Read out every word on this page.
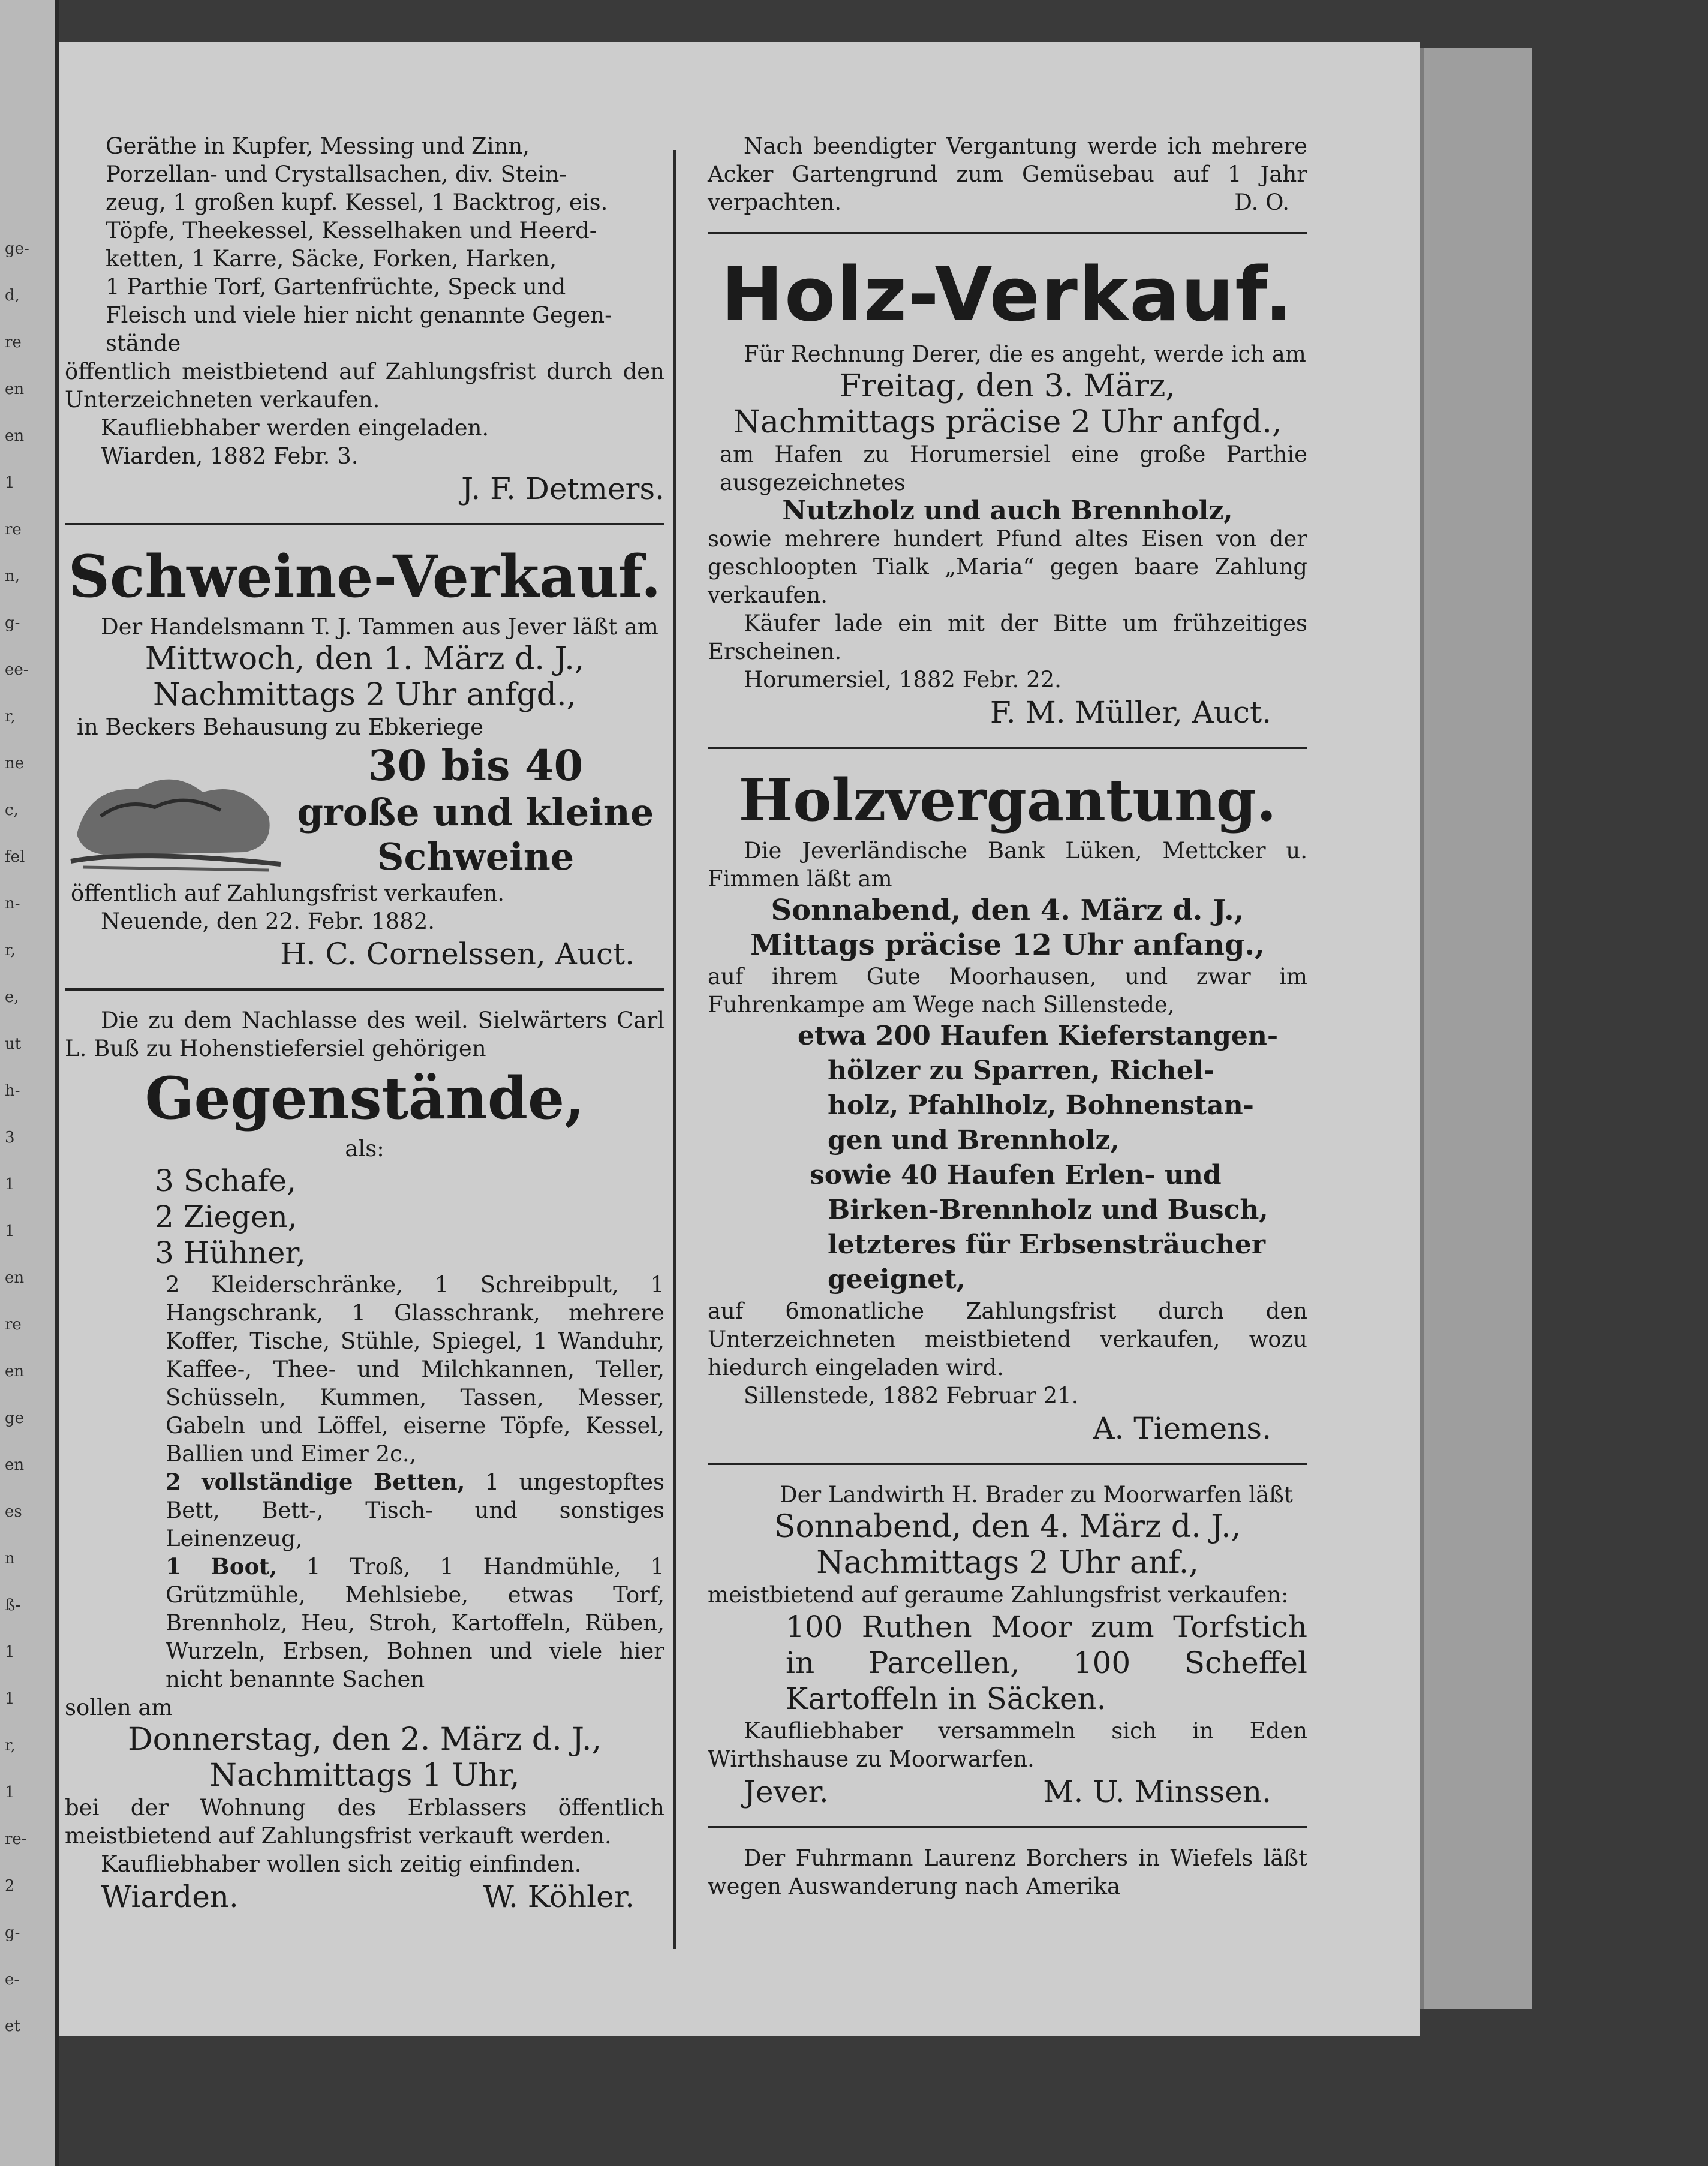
ge-
d,
re
en
en
1
re
n,
g-
ee-
r,
ne
c,
fel
n-
r,
e,
ut
h-
3
1
1
en
re
en
ge
en
es
n
ß-
1
1
r,
1
re-
2
g-
e-
et

Geräthe in Kupfer, Messing und Zinn,

Porzellan- und Crystallsachen, div. Stein-

zeug, 1 großen kupf. Kessel, 1 Backtrog, eis.

Töpfe, Theekessel, Kesselhaken und Heerd-

ketten, 1 Karre, Säcke, Forken, Harken,

1 Parthie Torf, Gartenfrüchte, Speck und

Fleisch und viele hier nicht genannte Gegen-

stände

öffentlich meistbietend auf Zahlungsfrist durch den Unterzeichneten verkaufen.

Kaufliebhaber werden eingeladen.

Wiarden, 1882 Febr. 3.

J. F. Detmers.

Schweine-Verkauf.

Der Handelsmann T. J. Tammen aus Jever läßt am

Mittwoch, den 1. März d. J.,

Nachmittags 2 Uhr anfgd.,

in Beckers Behausung zu Ebkeriege

30 bis 40

große und kleine

Schweine

öffentlich auf Zahlungsfrist verkaufen.

Neuende, den 22. Febr. 1882.

H. C. Cornelssen, Auct.

Die zu dem Nachlasse des weil. Sielwärters Carl L. Buß zu Hohenstiefersiel gehörigen

Gegenstände,

als:

3 Schafe,

2 Ziegen,

3 Hühner,

2 Kleiderschränke, 1 Schreibpult, 1 Hangschrank, 1 Glasschrank, mehrere Koffer, Tische, Stühle, Spiegel, 1 Wanduhr, Kaffee-, Thee- und Milchkannen, Teller, Schüsseln, Kummen, Tassen, Messer, Gabeln und Löffel, eiserne Töpfe, Kessel, Ballien und Eimer 2c.,

2 vollständige Betten, 1 ungestopftes Bett, Bett-, Tisch- und sonstiges Leinenzeug,

1 Boot, 1 Troß, 1 Handmühle, 1 Grützmühle, Mehlsiebe, etwas Torf, Brennholz, Heu, Stroh, Kartoffeln, Rüben, Wurzeln, Erbsen, Bohnen und viele hier nicht benannte Sachen

sollen am

Donnerstag, den 2. März d. J.,

Nachmittags 1 Uhr,

bei der Wohnung des Erblassers öffentlich meistbietend auf Zahlungsfrist verkauft werden.

Kaufliebhaber wollen sich zeitig einfinden.

Wiarden.	W. Köhler.

Nach beendigter Vergantung werde ich mehrere Acker Gartengrund zum Gemüsebau auf 1 Jahr verpachten.	D. O.

Holz-Verkauf.

Für Rechnung Derer, die es angeht, werde ich am

Freitag, den 3. März,

Nachmittags präcise 2 Uhr anfgd.,

am Hafen zu Horumersiel eine große Parthie ausgezeichnetes

Nutzholz und auch Brennholz,

sowie mehrere hundert Pfund altes Eisen von der geschloopten Tialk „Maria“ gegen baare Zahlung verkaufen.

Käufer lade ein mit der Bitte um frühzeitiges Erscheinen.

Horumersiel, 1882 Febr. 22.

F. M. Müller, Auct.

Holzvergantung.

Die Jeverländische Bank Lüken, Mettcker u. Fimmen läßt am

Sonnabend, den 4. März d. J.,

Mittags präcise 12 Uhr anfang.,

auf ihrem Gute Moorhausen, und zwar im Fuhrenkampe am Wege nach Sillenstede,

etwa 200 Haufen Kieferstangen-

hölzer zu Sparren, Richel-

holz, Pfahlholz, Bohnenstan-

gen und Brennholz,

sowie 40 Haufen Erlen- und

Birken-Brennholz und Busch,

letzteres für Erbsensträucher

geeignet,

auf 6monatliche Zahlungsfrist durch den Unterzeichneten meistbietend verkaufen, wozu hiedurch eingeladen wird.

Sillenstede, 1882 Februar 21.

A. Tiemens.

Der Landwirth H. Brader zu Moorwarfen läßt

Sonnabend, den 4. März d. J.,

Nachmittags 2 Uhr anf.,

meistbietend auf geraume Zahlungsfrist verkaufen:

100 Ruthen Moor zum Torfstich in Parcellen, 100 Scheffel Kartoffeln in Säcken.

Kaufliebhaber versammeln sich in Eden Wirthshause zu Moorwarfen.

Jever.	M. U. Minssen.

Der Fuhrmann Laurenz Borchers in Wiefels läßt wegen Auswanderung nach Amerika
